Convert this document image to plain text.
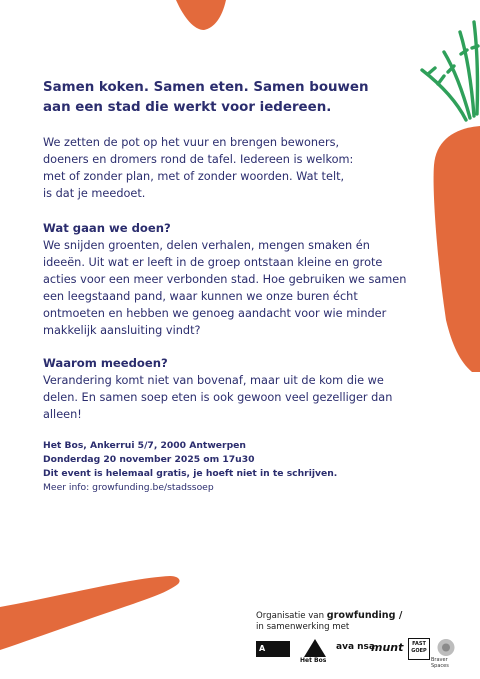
Samen koken. Samen eten. Samen bouwen
aan een stad die werkt voor iedereen.

We zetten de pot op het vuur en brengen bewoners,
doeners en dromers rond de tafel. Iedereen is welkom:
met of zonder plan, met of zonder woorden. Wat telt,
is dat je meedoet.

Wat gaan we doen?

We snijden groenten, delen verhalen, mengen smaken én
ideeën. Uit wat er leeft in de groep ontstaan kleine en grote
acties voor een meer verbonden stad. Hoe gebruiken we samen
een leegstaand pand, waar kunnen we onze buren écht
ontmoeten en hebben we genoeg aandacht voor wie minder
makkelijk aansluiting vindt?

Waarom meedoen?

Verandering komt niet van bovenaf, maar uit de kom die we
delen. En samen soep eten is ook gewoon veel gezelliger dan
alleen!

Het Bos, Ankerrui 5/7, 2000 Antwerpen
Donderdag 20 november 2025 om 17u30
Dit event is helemaal gratis, je hoeft niet in te schrijven.
Meer info: growfunding.be/stadssoep
Organisatie van growfunding /
in samenwerking met
A
Het Bos
ava nsa
munt	FAST GOEP
Braver Spaces
